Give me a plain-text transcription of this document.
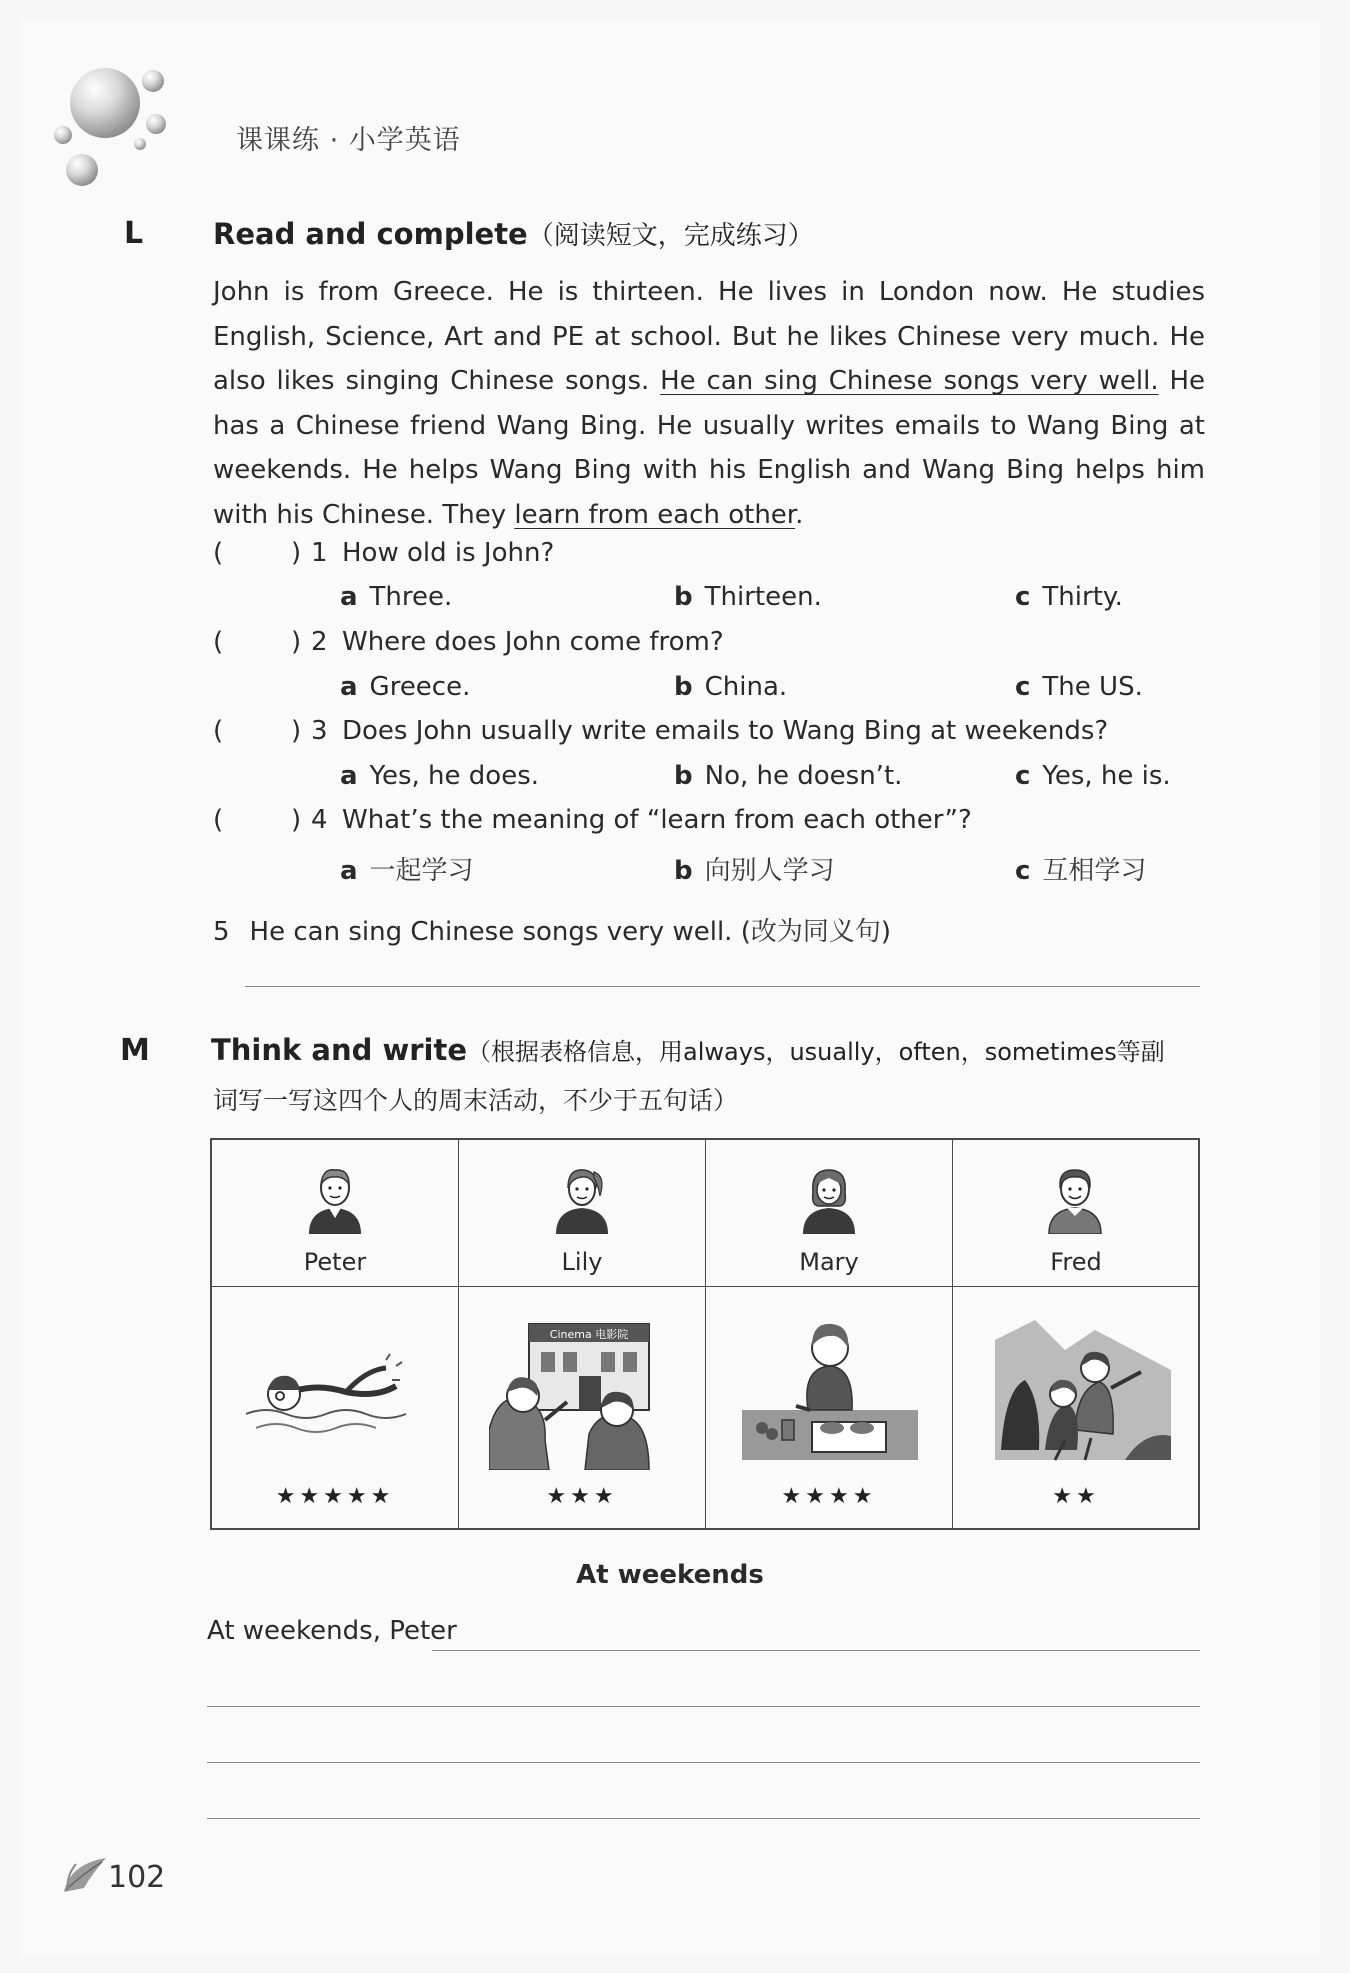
课课练 · 小学英语
L Read and complete（阅读短文，完成练习）

John is from Greece. He is thirteen. He lives in London now. He studies English, Science, Art and PE at school. But he likes Chinese very much. He also likes singing Chinese songs. He can sing Chinese songs very well. He has a Chinese friend Wang Bing. He usually writes emails to Wang Bing at weekends. He helps Wang Bing with his English and Wang Bing helps him with his Chinese. They learn from each other.

(	) 1 How old is John?
a Three.	b Thirteen.	c Thirty.
(	) 2 Where does John come from?
a Greece.	b China.	c The US.
(	) 3 Does John usually write emails to Wang Bing at weekends?
a Yes, he does.	b No, he doesn’t.	c Yes, he is.
(	) 4 What’s the meaning of “learn from each other”?
a 一起学习	b 向别人学习	c 互相学习
5 He can sing Chinese songs very well. (改为同义句)
M Think and write（根据表格信息，用always，usually，often，sometimes等副
词写一写这四个人的周末活动，不少于五句话）
Peter	Lily	Mary	Fred
Cinema 电影院
★★★★★	★★★	★★★★	★★
At weekends
At weekends, Peter
102
